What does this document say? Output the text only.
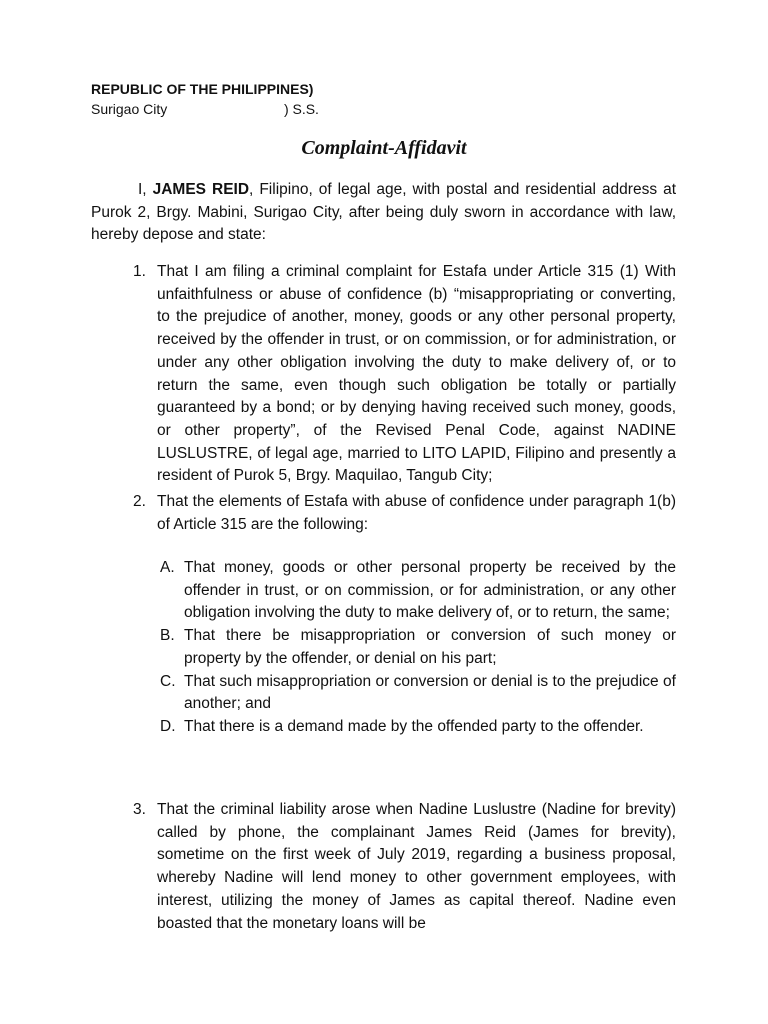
REPUBLIC OF THE PHILIPPINES)
Surigao City                              ) S.S.
Complaint-Affidavit
I, JAMES REID, Filipino, of legal age, with postal and residential address at Purok 2, Brgy. Mabini, Surigao City, after being duly sworn in accordance with law, hereby depose and state:
1. That I am filing a criminal complaint for Estafa under Article 315 (1) With unfaithfulness or abuse of confidence (b) “misappropriating or converting, to the prejudice of another, money, goods or any other personal property, received by the offender in trust, or on commission, or for administration, or under any other obligation involving the duty to make delivery of, or to return the same, even though such obligation be totally or partially guaranteed by a bond; or by denying having received such money, goods, or other property”, of the Revised Penal Code, against NADINE LUSLUSTRE, of legal age, married to LITO LAPID, Filipino and presently a resident of Purok 5, Brgy. Maquilao, Tangub City;
2. That the elements of Estafa with abuse of confidence under paragraph 1(b) of Article 315 are the following:
A. That money, goods or other personal property be received by the offender in trust, or on commission, or for administration, or any other obligation involving the duty to make delivery of, or to return, the same;
B. That there be misappropriation or conversion of such money or property by the offender, or denial on his part;
C. That such misappropriation or conversion or denial is to the prejudice of another; and
D. That there is a demand made by the offended party to the offender.
3. That the criminal liability arose when Nadine Luslustre (Nadine for brevity) called by phone, the complainant James Reid (James for brevity), sometime on the first week of July 2019, regarding a business proposal, whereby Nadine will lend money to other government employees, with interest, utilizing the money of James as capital thereof. Nadine even boasted that the monetary loans will be
